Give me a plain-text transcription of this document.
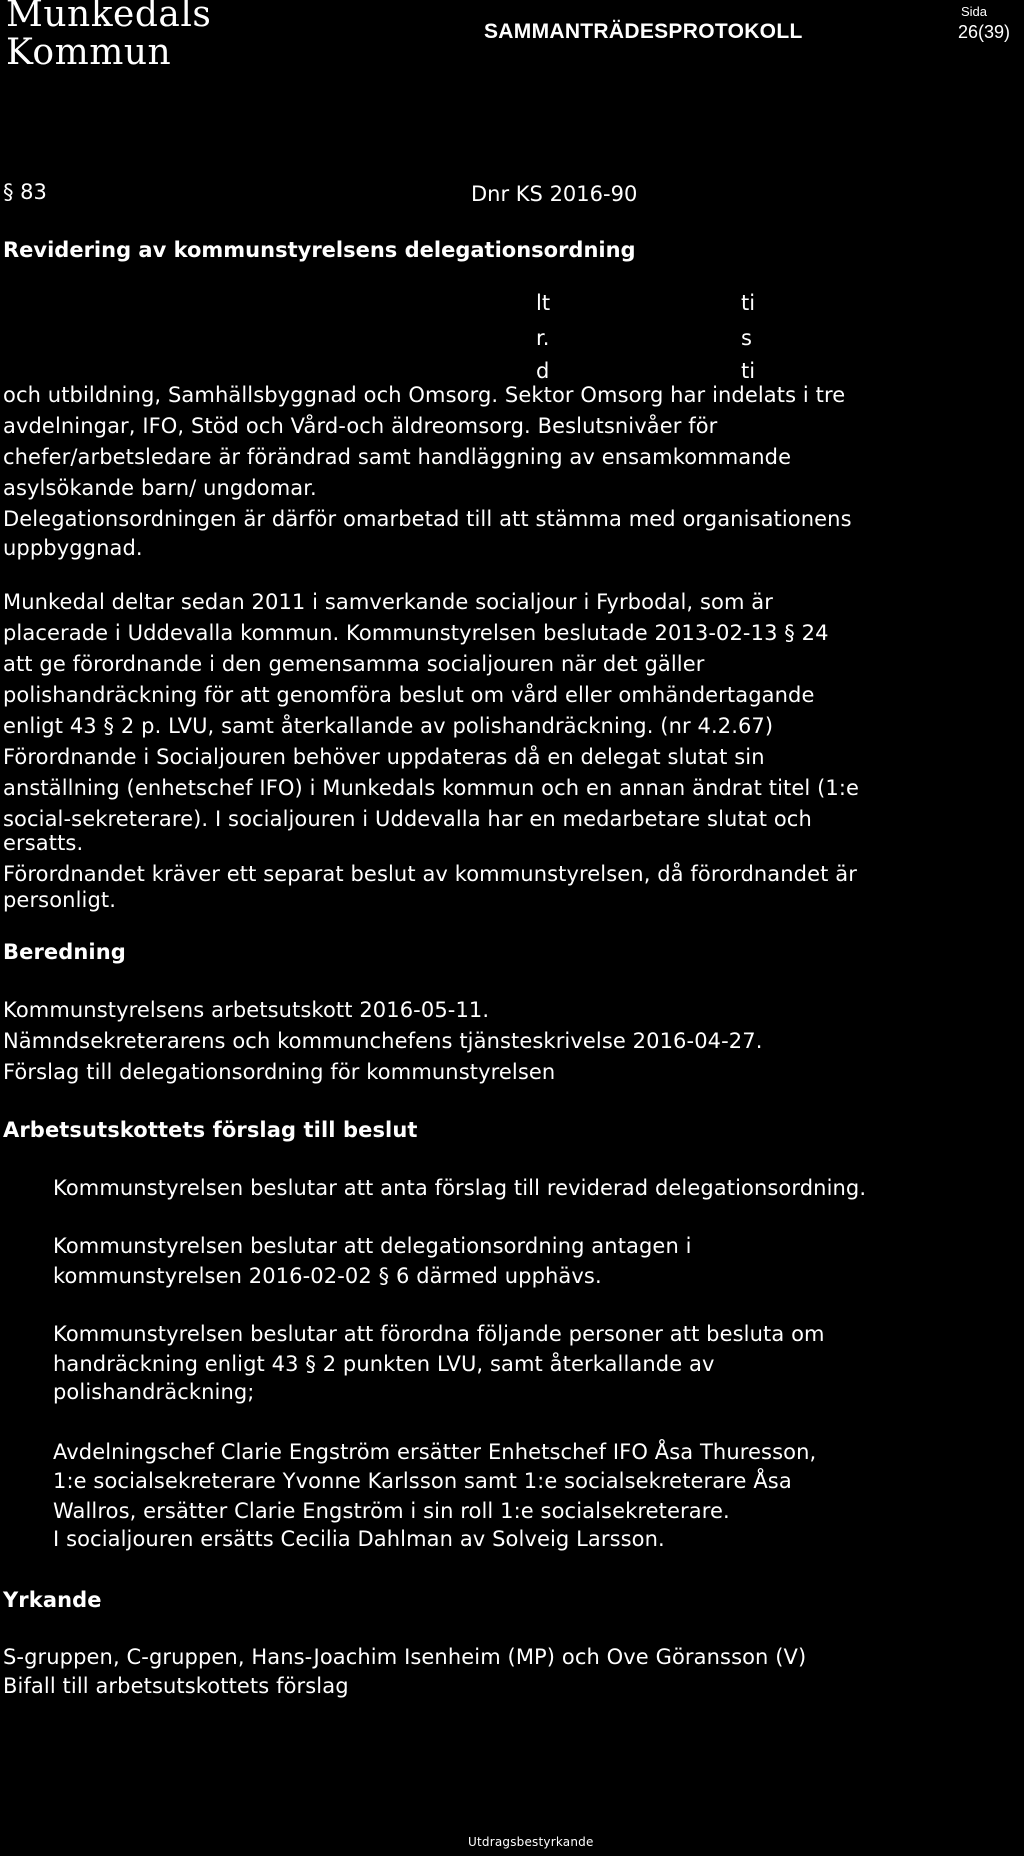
Munkedals
Kommun
SAMMANTRÄDESPROTOKOLL
Sida
26(39)
§ 83	Dnr KS 2016-90
Revidering av kommunstyrelsens delegationsordning
lt	ti
r.	s
d	ti
och utbildning, Samhällsbyggnad och Omsorg. Sektor Omsorg har indelats i tre
avdelningar, IFO, Stöd och Vård-och äldreomsorg. Beslutsnivåer för
chefer/arbetsledare är förändrad samt handläggning av ensamkommande
asylsökande barn/ ungdomar.
Delegationsordningen är därför omarbetad till att stämma med organisationens
uppbyggnad.
Munkedal deltar sedan 2011 i samverkande socialjour i Fyrbodal, som är
placerade i Uddevalla kommun. Kommunstyrelsen beslutade 2013-02-13 § 24
att ge förordnande i den gemensamma socialjouren när det gäller
polishandräckning för att genomföra beslut om vård eller omhändertagande
enligt 43 § 2 p. LVU, samt återkallande av polishandräckning. (nr 4.2.67)
Förordnande i Socialjouren behöver uppdateras då en delegat slutat sin
anställning (enhetschef IFO) i Munkedals kommun och en annan ändrat titel (1:e
social-sekreterare). I socialjouren i Uddevalla har en medarbetare slutat och
ersatts.
Förordnandet kräver ett separat beslut av kommunstyrelsen, då förordnandet är
personligt.
Beredning
Kommunstyrelsens arbetsutskott 2016-05-11.
Nämndsekreterarens och kommunchefens tjänsteskrivelse 2016-04-27.
Förslag till delegationsordning för kommunstyrelsen
Arbetsutskottets förslag till beslut
Kommunstyrelsen beslutar att anta förslag till reviderad delegationsordning.
Kommunstyrelsen beslutar att delegationsordning antagen i
kommunstyrelsen 2016-02-02 § 6 därmed upphävs.
Kommunstyrelsen beslutar att förordna följande personer att besluta om
handräckning enligt 43 § 2 punkten LVU, samt återkallande av
polishandräckning;
Avdelningschef Clarie Engström ersätter Enhetschef IFO Åsa Thuresson,
1:e socialsekreterare Yvonne Karlsson samt 1:e socialsekreterare Åsa
Wallros, ersätter Clarie Engström i sin roll 1:e socialsekreterare.
I socialjouren ersätts Cecilia Dahlman av Solveig Larsson.
Yrkande
S-gruppen, C-gruppen, Hans-Joachim Isenheim (MP) och Ove Göransson (V)
Bifall till arbetsutskottets förslag
Utdragsbestyrkande
